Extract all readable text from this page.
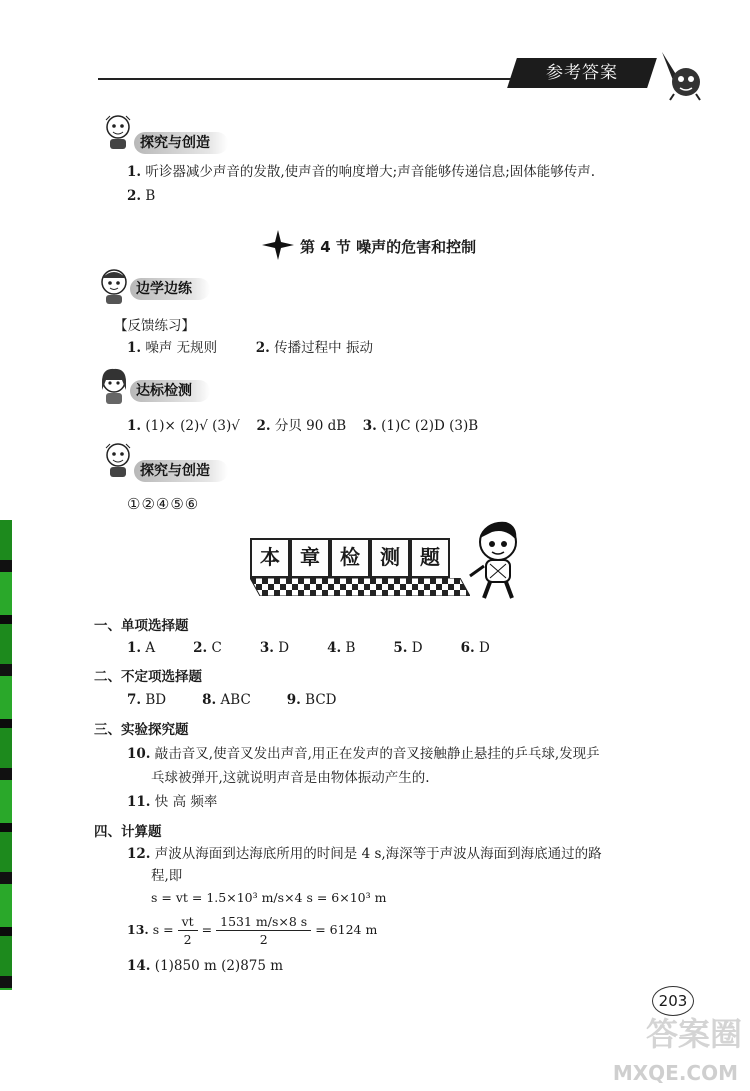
参考答案
探究与创造
1. 听诊器减少声音的发散,使声音的响度增大;声音能够传递信息;固体能够传声.
2. B
第 4 节 噪声的危害和控制
边学边练
【反馈练习】
1. 噪声 无规则	2. 传播过程中 振动
达标检测
1. (1)× (2)√ (3)√ 2. 分贝 90 dB 3. (1)C (2)D (3)B
探究与创造
①②④⑤⑥
本	章	检	测	题
一、单项选择题
1. A	2. C	3. D	4. B	5. D	6. D
二、不定项选择题
7. BD	8. ABC	9. BCD
三、实验探究题
10. 敲击音叉,使音叉发出声音,用正在发声的音叉接触静止悬挂的乒乓球,发现乒
乓球被弹开,这就说明声音是由物体振动产生的.
11. 快 高 频率
四、计算题
12. 声波从海面到达海底所用的时间是 4 s,海深等于声波从海面到海底通过的路
程,即
s = vt = 1.5×10³ m/s×4 s = 6×10³ m
13. $s = \frac{vt}{2} = \frac{1531 m/s\times 8 s}{2} = 6124$ m
14. (1)850 m (2)875 m
203
答案圈
MXQE.COM
